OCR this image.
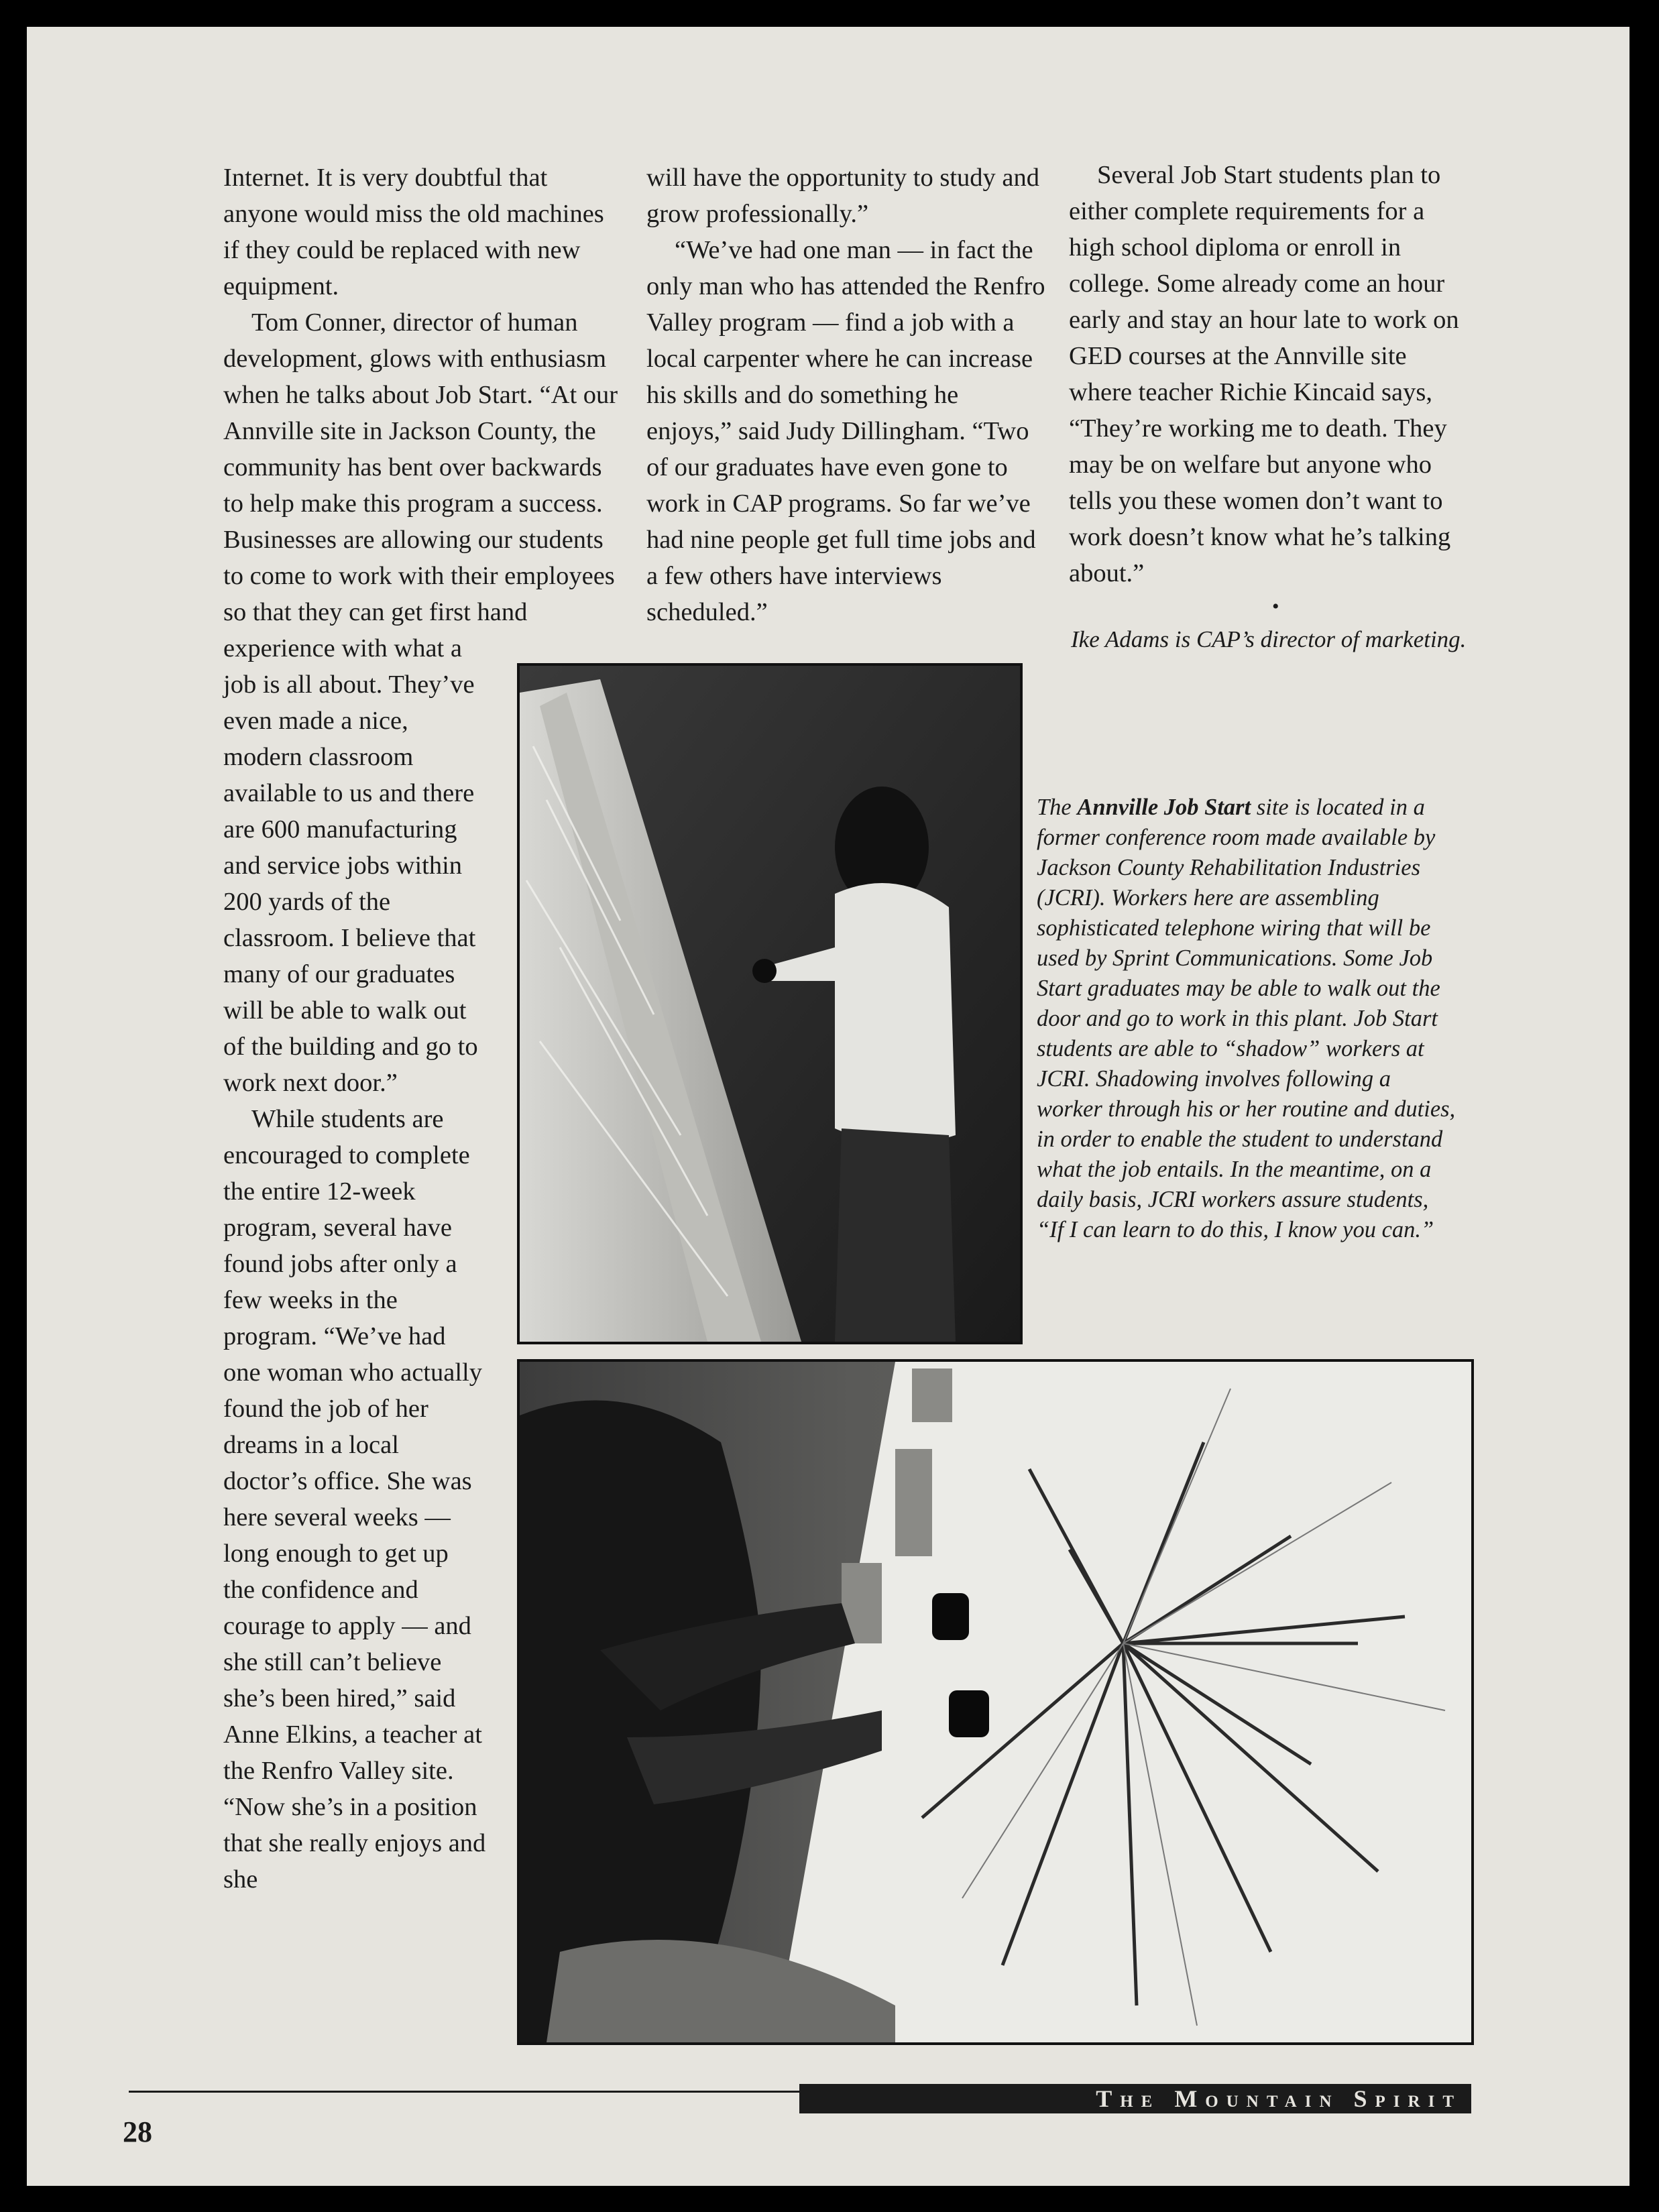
Internet. It is very doubtful that anyone would miss the old machines if they could be replaced with new equipment.

Tom Conner, director of human development, glows with enthusiasm when he talks about Job Start. “At our Annville site in Jackson County, the community has bent over backwards to help make this program a success. Businesses are allowing our students to come to work with their employees so that they can get first hand experience with what a job is all about. They’ve even made a nice, modern classroom available to us and there are 600 manufacturing and service jobs within 200 yards of the classroom. I believe that many of our graduates will be able to walk out of the building and go to work next door.”

While students are encouraged to complete the entire 12-week program, several have found jobs after only a few weeks in the program. “We’ve had one woman who actually found the job of her dreams in a local doctor’s office. She was here several weeks — long enough to get up the confidence and courage to apply — and she still can’t believe she’s been hired,” said Anne Elkins, a teacher at the Renfro Valley site. “Now she’s in a position that she really enjoys and she

will have the opportunity to study and grow professionally.”

“We’ve had one man — in fact the only man who has attended the Renfro Valley program — find a job with a local carpenter where he can increase his skills and do something he enjoys,” said Judy Dillingham. “Two of our graduates have even gone to work in CAP programs. So far we’ve had nine people get full time jobs and a few others have interviews scheduled.”

Several Job Start students plan to either complete requirements for a high school diploma or enroll in college. Some already come an hour early and stay an hour late to work on GED courses at the Annville site where teacher Richie Kincaid says, “They’re working me to death. They may be on welfare but anyone who tells you these women don’t want to work doesn’t know what he’s talking about.”

•
Ike Adams is CAP’s director of marketing.
The Annville Job Start site is located in a former conference room made available by Jackson County Rehabilitation Industries (JCRI). Workers here are assembling sophisticated telephone wiring that will be used by Sprint Communications. Some Job Start graduates may be able to walk out the door and go to work in this plant. Job Start students are able to “shadow” workers at JCRI. Shadowing involves following a worker through his or her routine and duties, in order to enable the student to understand what the job entails. In the meantime, on a daily basis, JCRI workers assure students, “If I can learn to do this, I know you can.”
The Mountain Spirit
28
